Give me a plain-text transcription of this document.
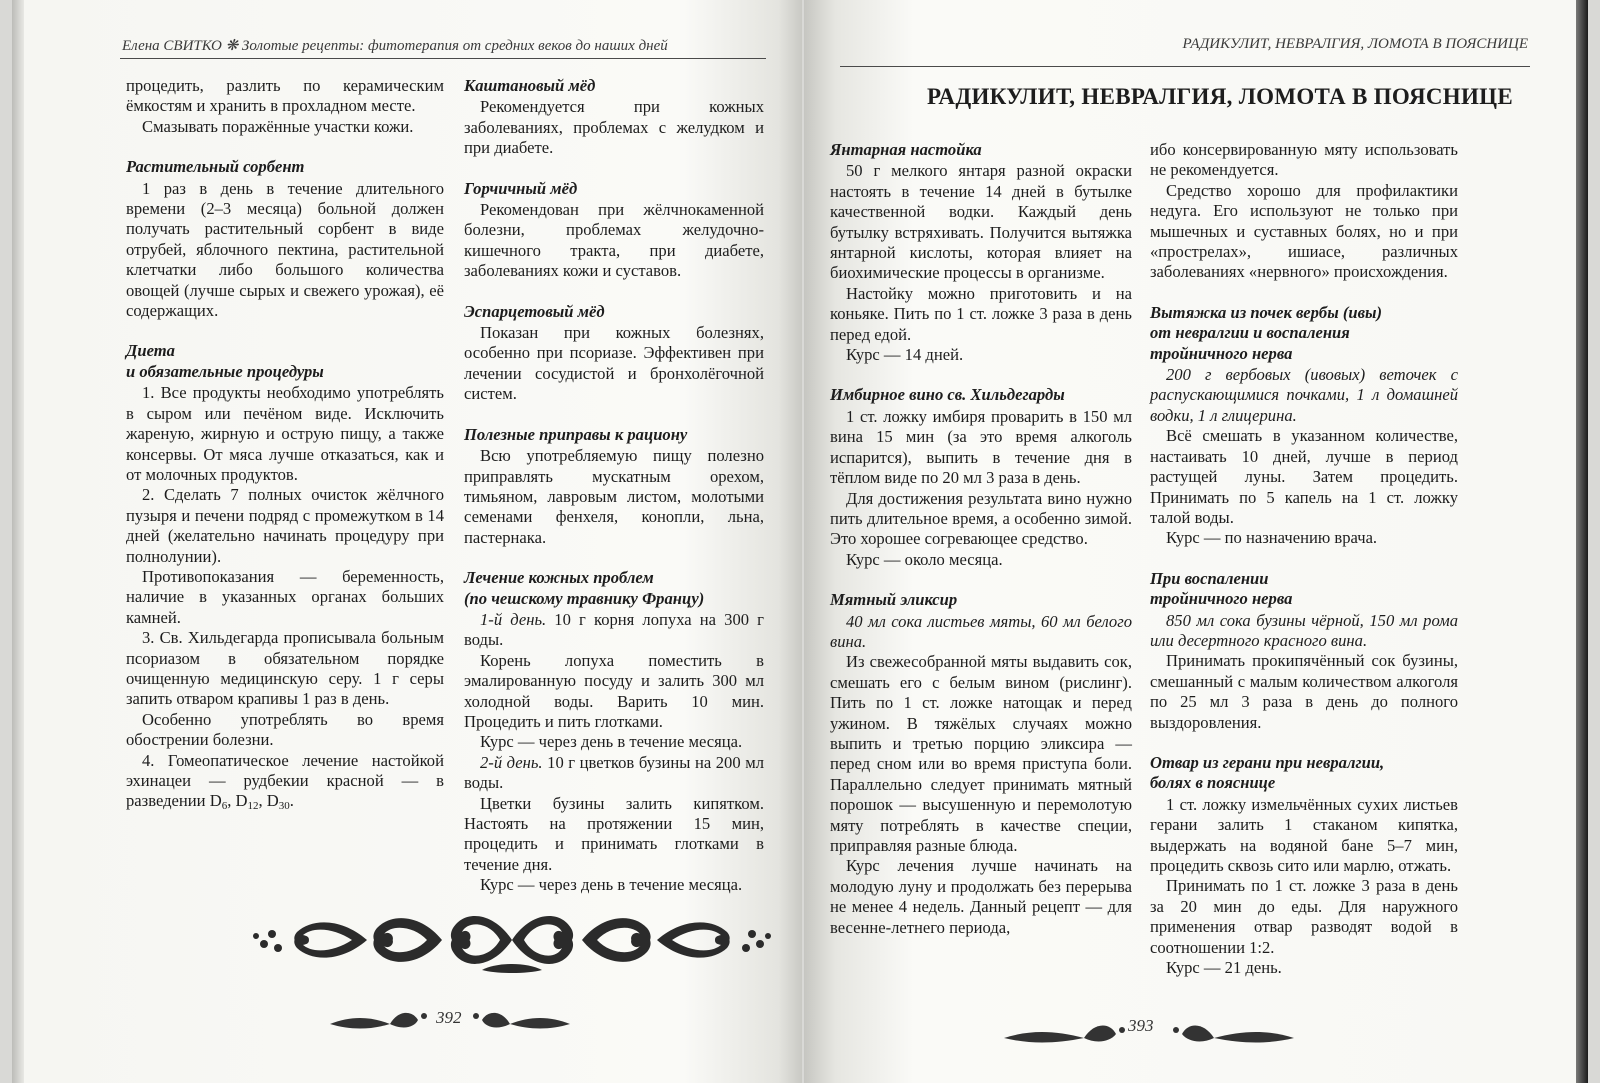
Елена СВИТКО ❋ Золотые рецепты: фитотерапия от средних веков до наших дней

процедить, разлить по керамическим ёмкостям и хранить в прохладном месте.

Смазывать поражённые участки кожи.

Растительный сорбент

1 раз в день в течение длительного времени (2–3 месяца) больной должен получать растительный сорбент в виде отрубей, яблочного пектина, растительной клетчатки либо большого количества овощей (лучше сырых и свежего урожая), её содержащих.

Диета

и обязательные процедуры

1. Все продукты необходимо употреблять в сыром или печёном виде. Исключить жареную, жирную и острую пищу, а также консервы. От мяса лучше отказаться, как и от молочных продуктов.

2. Сделать 7 полных очисток жёлчного пузыря и печени подряд с промежутком в 14 дней (желательно начинать процедуру при полнолунии).

Противопоказания — беременность, наличие в указанных органах больших камней.

3. Св. Хильдегарда прописывала больным псориазом в обязательном порядке очищенную медицинскую серу. 1 г серы запить отваром крапивы 1 раз в день.

Особенно употреблять во время обострении болезни.

4. Гомеопатическое лечение настойкой эхинацеи — рудбекии красной — в разведении $D_6$, $D_{12}$, $D_{30}$.

Каштановый мёд

Рекомендуется при кожных заболеваниях, проблемах с желудком и при диабете.

Горчичный мёд

Рекомендован при жёлчнокаменной болезни, проблемах желудочно-кишечного тракта, при диабете, заболеваниях кожи и суставов.

Эспарцетовый мёд

Показан при кожных болезнях, особенно при псориазе. Эффективен при лечении сосудистой и бронхолёгочной систем.

Полезные приправы к рациону

Всю употребляемую пищу полезно приправлять мускатным орехом, тимьяном, лавровым листом, молотыми семенами фенхеля, конопли, льна, пастернака.

Лечение кожных проблем

(по чешскому травнику Францу)

1-й день. 10 г корня лопуха на 300 г воды.

Корень лопуха поместить в эмалированную посуду и залить 300 мл холодной воды. Варить 10 мин. Процедить и пить глотками.

Курс — через день в течение месяца.

2-й день. 10 г цветков бузины на 200 мл воды.

Цветки бузины залить кипятком. Настоять на протяжении 15 мин, процедить и принимать глотками в течение дня.

Курс — через день в течение месяца.

392
РАДИКУЛИТ, НЕВРАЛГИЯ, ЛОМОТА В ПОЯСНИЦЕ
РАДИКУЛИТ, НЕВРАЛГИЯ, ЛОМОТА В ПОЯСНИЦЕ

Янтарная настойка

50 г мелкого янтаря разной окраски настоять в течение 14 дней в бутылке качественной водки. Каждый день бутылку встряхивать. Получится вытяжка янтарной кислоты, которая влияет на биохимические процессы в организме.

Настойку можно приготовить и на коньяке. Пить по 1 ст. ложке 3 раза в день перед едой.

Курс — 14 дней.

Имбирное вино св. Хильдегарды

1 ст. ложку имбиря проварить в 150 мл вина 15 мин (за это время алкоголь испарится), выпить в течение дня в тёплом виде по 20 мл 3 раза в день.

Для достижения результата вино нужно пить длительное время, а особенно зимой. Это хорошее согревающее средство.

Курс — около месяца.

Мятный эликсир

40 мл сока листьев мяты, 60 мл белого вина.

Из свежесобранной мяты выдавить сок, смешать его с белым вином (рислинг). Пить по 1 ст. ложке натощак и перед ужином. В тяжёлых случаях можно выпить и третью порцию эликсира — перед сном или во время приступа боли. Параллельно следует принимать мятный порошок — высушенную и перемолотую мяту потреблять в качестве специи, приправляя разные блюда.

Курс лечения лучше начинать на молодую луну и продолжать без перерыва не менее 4 недель. Данный рецепт — для весенне-летнего периода,

ибо консервированную мяту использовать не рекомендуется.

Средство хорошо для профилактики недуга. Его используют не только при мышечных и суставных болях, но и при «прострелах», ишиасе, различных заболеваниях «нервного» происхождения.

Вытяжка из почек вербы (ивы)

от невралгии и воспаления

тройничного нерва

200 г вербовых (ивовых) веточек с распускающимися почками, 1 л домашней водки, 1 л глицерина.

Всё смешать в указанном количестве, настаивать 10 дней, лучше в период растущей луны. Затем процедить. Принимать по 5 капель на 1 ст. ложку талой воды.

Курс — по назначению врача.

При воспалении

тройничного нерва

850 мл сока бузины чёрной, 150 мл рома или десертного красного вина.

Принимать прокипячённый сок бузины, смешанный с малым количеством алкоголя по 25 мл 3 раза в день до полного выздоровления.

Отвар из герани при невралгии,

болях в пояснице

1 ст. ложку измельчённых сухих листьев герани залить 1 стаканом кипятка, выдержать на водяной бане 5–7 мин, процедить сквозь сито или марлю, отжать.

Принимать по 1 ст. ложке 3 раза в день за 20 мин до еды. Для наружного применения отвар разводят водой в соотношении 1:2.

Курс — 21 день.

393
